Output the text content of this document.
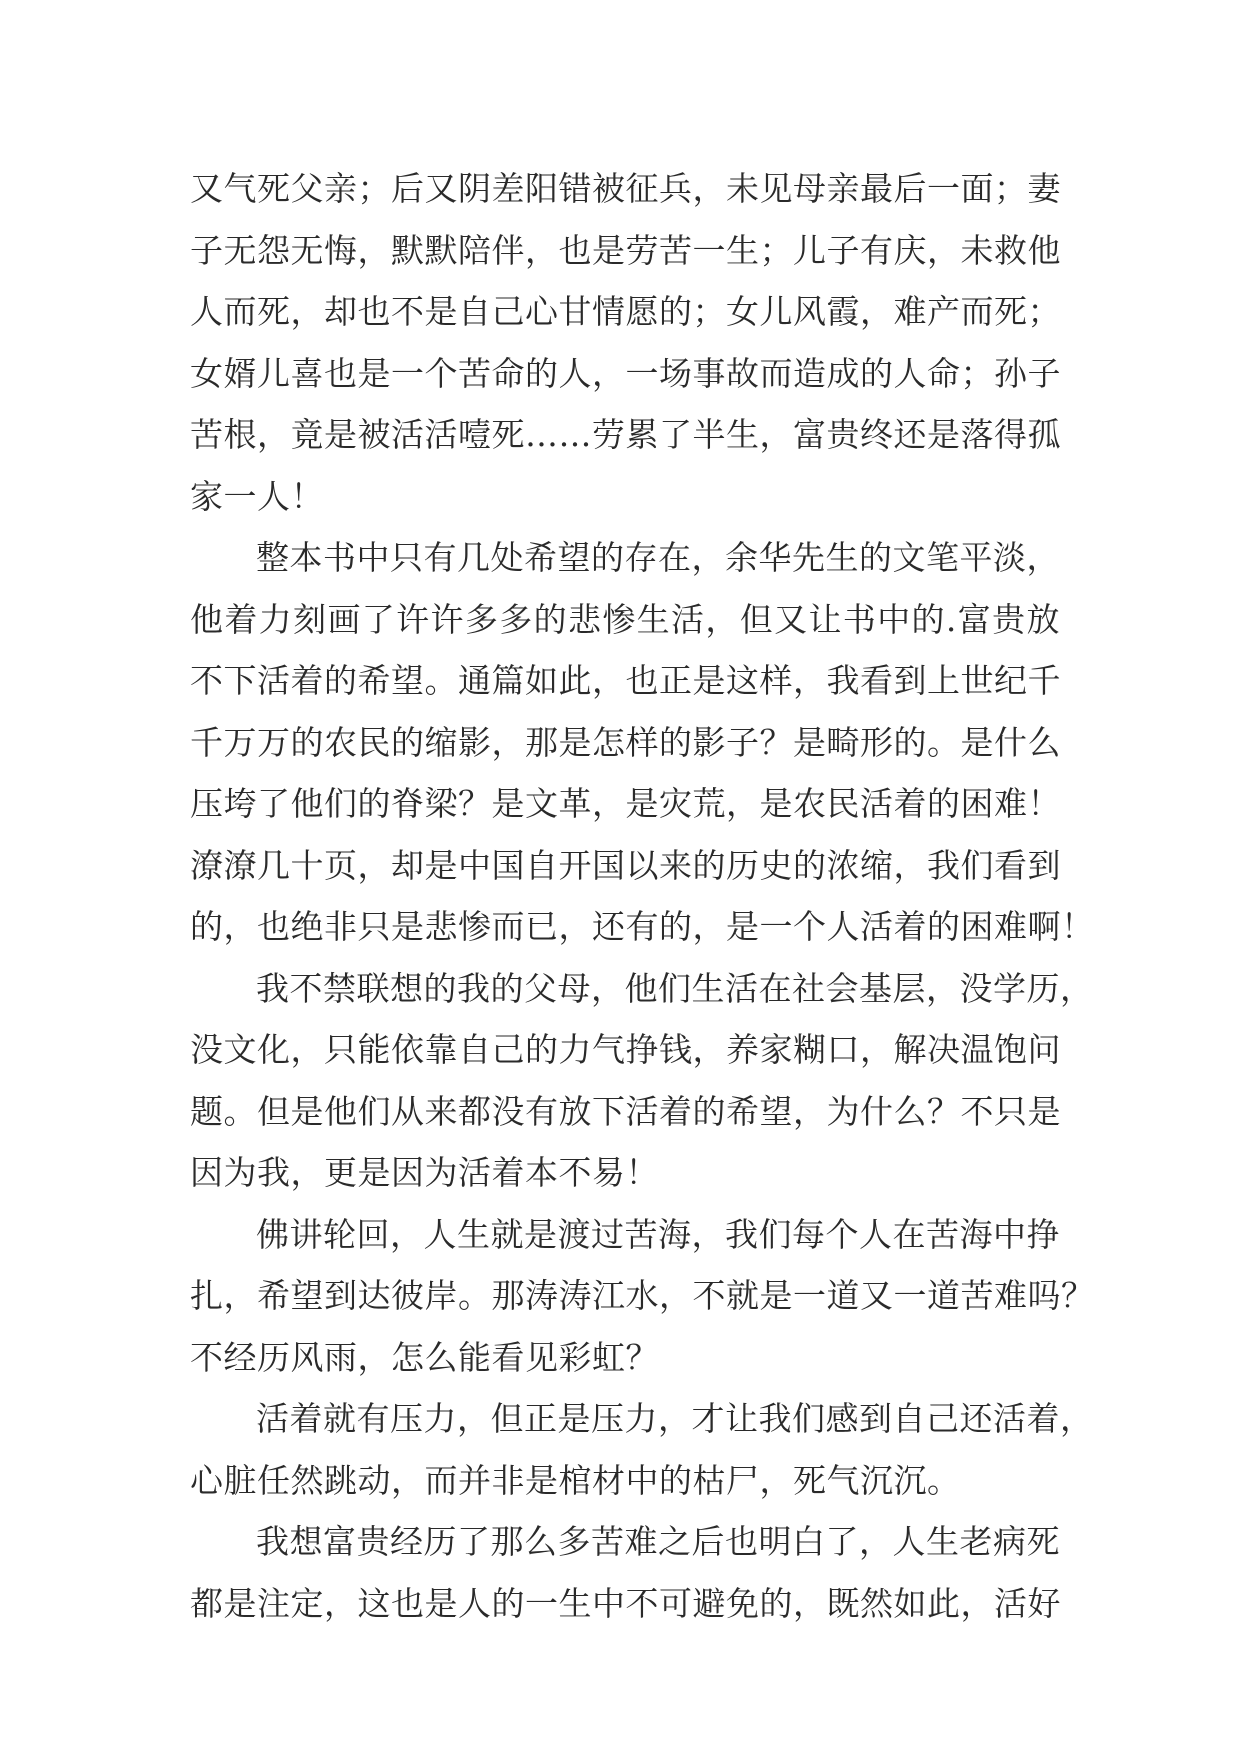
又气死父亲；后又阴差阳错被征兵，未见母亲最后一面；妻
子无怨无悔，默默陪伴，也是劳苦一生；儿子有庆，未救他
人而死，却也不是自己心甘情愿的；女儿风霞，难产而死；
女婿儿喜也是一个苦命的人，一场事故而造成的人命；孙子
苦根，竟是被活活噎死……劳累了半生，富贵终还是落得孤
家一人！
整本书中只有几处希望的存在，余华先生的文笔平淡，
他着力刻画了许许多多的悲惨生活，但又让书中的.富贵放
不下活着的希望。通篇如此，也正是这样，我看到上世纪千
千万万的农民的缩影，那是怎样的影子？是畸形的。是什么
压垮了他们的脊梁？是文革，是灾荒，是农民活着的困难！
潦潦几十页，却是中国自开国以来的历史的浓缩，我们看到
的，也绝非只是悲惨而已，还有的，是一个人活着的困难啊！
我不禁联想的我的父母，他们生活在社会基层，没学历，
没文化，只能依靠自己的力气挣钱，养家糊口，解决温饱问
题。但是他们从来都没有放下活着的希望，为什么？不只是
因为我，更是因为活着本不易！
佛讲轮回，人生就是渡过苦海，我们每个人在苦海中挣
扎，希望到达彼岸。那涛涛江水，不就是一道又一道苦难吗？
不经历风雨，怎么能看见彩虹？
活着就有压力，但正是压力，才让我们感到自己还活着，
心脏任然跳动，而并非是棺材中的枯尸，死气沉沉。
我想富贵经历了那么多苦难之后也明白了，人生老病死
都是注定，这也是人的一生中不可避免的，既然如此，活好
